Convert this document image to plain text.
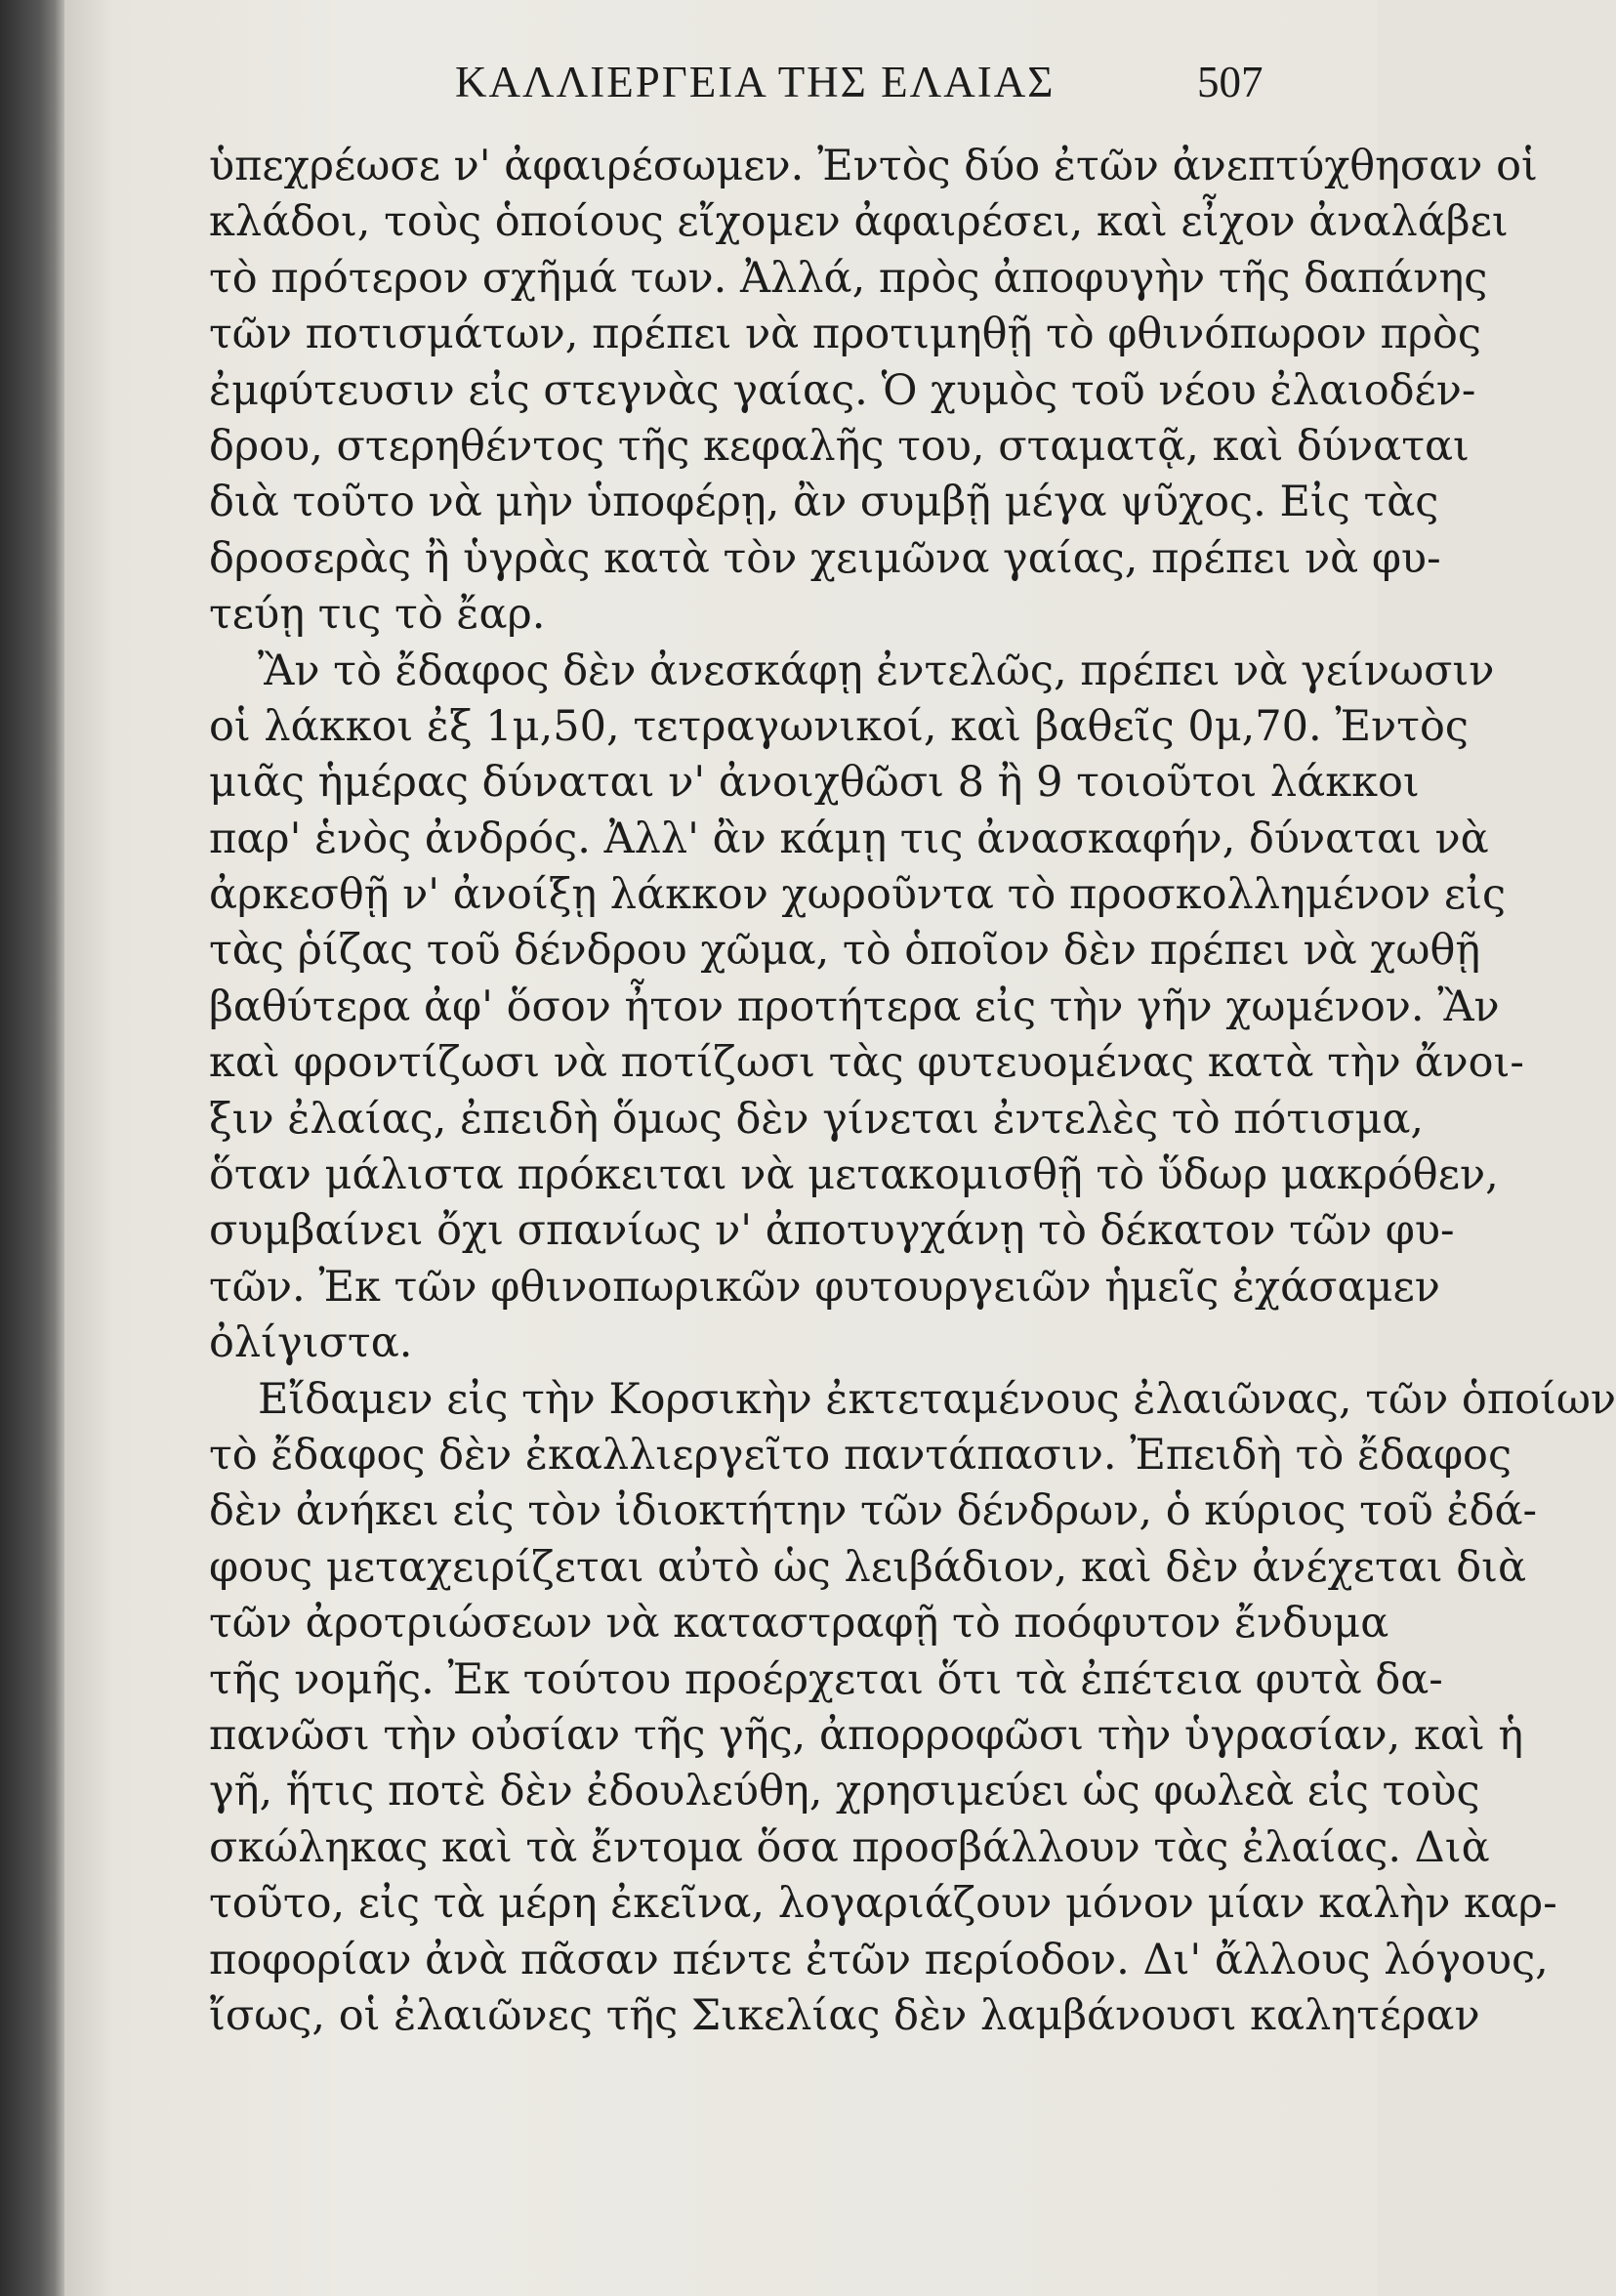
ΚΑΛΛΙΕΡΓΕΙΑ ΤΗΣ ΕΛΑΙΑΣ	507
ὑπεχρέωσε ν' ἀφαιρέσωμεν. Ἐντὸς δύο ἐτῶν ἀνεπτύχθησαν οἱ
κλάδοι, τοὺς ὁποίους εἴχομεν ἀφαιρέσει, καὶ εἶχον ἀναλάβει
τὸ πρότερον σχῆμά των. Ἀλλά, πρὸς ἀποφυγὴν τῆς δαπάνης
τῶν ποτισμάτων, πρέπει νὰ προτιμηθῇ τὸ φθινόπωρον πρὸς
ἐμφύτευσιν εἰς στεγνὰς γαίας. Ὁ χυμὸς τοῦ νέου ἐλαιοδέν-
δρου, στερηθέντος τῆς κεφαλῆς του, σταματᾷ, καὶ δύναται
διὰ τοῦτο νὰ μὴν ὑποφέρῃ, ἂν συμβῇ μέγα ψῦχος. Εἰς τὰς
δροσερὰς ἢ ὑγρὰς κατὰ τὸν χειμῶνα γαίας, πρέπει νὰ φυ-
τεύῃ τις τὸ ἔαρ.
Ἂν τὸ ἔδαφος δὲν ἀνεσκάφῃ ἐντελῶς, πρέπει νὰ γείνωσιν
οἱ λάκκοι ἐξ 1μ,50, τετραγωνικοί, καὶ βαθεῖς 0μ,70. Ἐντὸς
μιᾶς ἡμέρας δύναται ν' ἀνοιχθῶσι 8 ἢ 9 τοιοῦτοι λάκκοι
παρ' ἑνὸς ἀνδρός. Ἀλλ' ἂν κάμῃ τις ἀνασκαφήν, δύναται νὰ
ἀρκεσθῇ ν' ἀνοίξῃ λάκκον χωροῦντα τὸ προσκολλημένον εἰς
τὰς ῥίζας τοῦ δένδρου χῶμα, τὸ ὁποῖον δὲν πρέπει νὰ χωθῇ
βαθύτερα ἀφ' ὅσον ἦτον προτήτερα εἰς τὴν γῆν χωμένον. Ἂν
καὶ φροντίζωσι νὰ ποτίζωσι τὰς φυτευομένας κατὰ τὴν ἄνοι-
ξιν ἐλαίας, ἐπειδὴ ὅμως δὲν γίνεται ἐντελὲς τὸ πότισμα,
ὅταν μάλιστα πρόκειται νὰ μετακομισθῇ τὸ ὕδωρ μακρόθεν,
συμβαίνει ὄχι σπανίως ν' ἀποτυγχάνῃ τὸ δέκατον τῶν φυ-
τῶν. Ἐκ τῶν φθινοπωρικῶν φυτουργειῶν ἡμεῖς ἐχάσαμεν
ὀλίγιστα.
Εἴδαμεν εἰς τὴν Κορσικὴν ἐκτεταμένους ἐλαιῶνας, τῶν ὁποίων
τὸ ἔδαφος δὲν ἐκαλλιεργεῖτο παντάπασιν. Ἐπειδὴ τὸ ἔδαφος
δὲν ἀνήκει εἰς τὸν ἰδιοκτήτην τῶν δένδρων, ὁ κύριος τοῦ ἐδά-
φους μεταχειρίζεται αὐτὸ ὡς λειβάδιον, καὶ δὲν ἀνέχεται διὰ
τῶν ἀροτριώσεων νὰ καταστραφῇ τὸ ποόφυτον ἔνδυμα
τῆς νομῆς. Ἐκ τούτου προέρχεται ὅτι τὰ ἐπέτεια φυτὰ δα-
πανῶσι τὴν οὐσίαν τῆς γῆς, ἀπορροφῶσι τὴν ὑγρασίαν, καὶ ἡ
γῆ, ἥτις ποτὲ δὲν ἐδουλεύθη, χρησιμεύει ὡς φωλεὰ εἰς τοὺς
σκώληκας καὶ τὰ ἔντομα ὅσα προσβάλλουν τὰς ἐλαίας. Διὰ
τοῦτο, εἰς τὰ μέρη ἐκεῖνα, λογαριάζουν μόνον μίαν καλὴν καρ-
ποφορίαν ἀνὰ πᾶσαν πέντε ἐτῶν περίοδον. Δι' ἄλλους λόγους,
ἴσως, οἱ ἐλαιῶνες τῆς Σικελίας δὲν λαμβάνουσι καλητέραν
